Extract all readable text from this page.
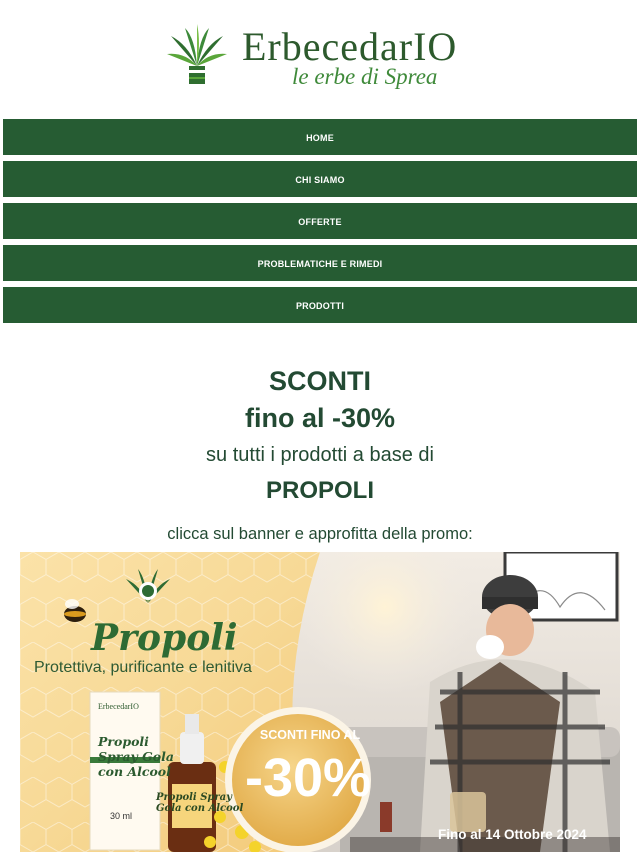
ErbecedarIO
le erbe di Sprea
HOME
CHI SIAMO
OFFERTE
PROBLEMATICHE E RIMEDI
PRODOTTI

SCONTI

fino al -30%

su tutti i prodotti a base di

PROPOLI

clicca sul banner e approfitta della promo:

Propoli
Protettiva, purificante e lenitiva
ErbecedarIO
Propoli
Spray Gola
con Alcool
30 ml
Propoli Spray
Gola con Alcool
SCONTI FINO AL
-30%
Fino al 14 Ottobre 2024
